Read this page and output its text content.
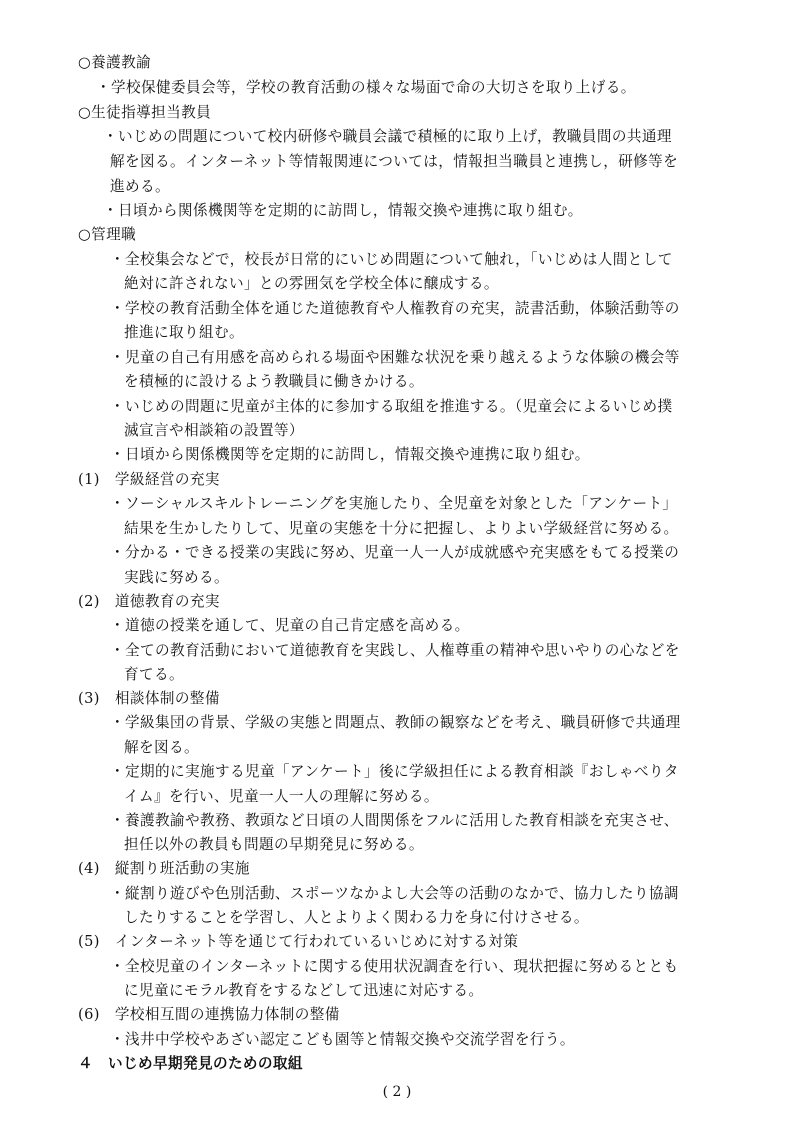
○養護教諭
・学校保健委員会等，学校の教育活動の様々な場面で命の大切さを取り上げる。
○生徒指導担当教員
・いじめの問題について校内研修や職員会議で積極的に取り上げ，教職員間の共通理
解を図る。インターネット等情報関連については，情報担当職員と連携し，研修等を
進める。
・日頃から関係機関等を定期的に訪問し，情報交換や連携に取り組む。
○管理職
・全校集会などで，校長が日常的にいじめ問題について触れ，「いじめは人間として
絶対に許されない」との雰囲気を学校全体に醸成する。
・学校の教育活動全体を通じた道徳教育や人権教育の充実，読書活動，体験活動等の
推進に取り組む。
・児童の自己有用感を高められる場面や困難な状況を乗り越えるような体験の機会等
を積極的に設けるよう教職員に働きかける。
・いじめの問題に児童が主体的に参加する取組を推進する。（児童会によるいじめ撲
滅宣言や相談箱の設置等）
・日頃から関係機関等を定期的に訪問し，情報交換や連携に取り組む。
(1)　学級経営の充実
・ソーシャルスキルトレーニングを実施したり、全児童を対象とした「アンケート」
結果を生かしたりして、児童の実態を十分に把握し、よりよい学級経営に努める。
・分かる・できる授業の実践に努め、児童一人一人が成就感や充実感をもてる授業の
実践に努める。
(2)　道徳教育の充実
・道徳の授業を通して、児童の自己肯定感を高める。
・全ての教育活動において道徳教育を実践し、人権尊重の精神や思いやりの心などを
育てる。
(3)　相談体制の整備
・学級集団の背景、学級の実態と問題点、教師の観察などを考え、職員研修で共通理
解を図る。
・定期的に実施する児童「アンケート」後に学級担任による教育相談『おしゃべりタ
イム』を行い、児童一人一人の理解に努める。
・養護教諭や教務、教頭など日頃の人間関係をフルに活用した教育相談を充実させ、
担任以外の教員も問題の早期発見に努める。
(4)　縦割り班活動の実施
・縦割り遊びや色別活動、スポーツなかよし大会等の活動のなかで、協力したり協調
したりすることを学習し、人とよりよく関わる力を身に付けさせる。
(5)　インターネット等を通じて行われているいじめに対する対策
・全校児童のインターネットに関する使用状況調査を行い、現状把握に努めるととも
に児童にモラル教育をするなどして迅速に対応する。
(6)　学校相互間の連携協力体制の整備
・浅井中学校やあざい認定こども園等と情報交換や交流学習を行う。
４　いじめ早期発見のための取組
( 2 )
